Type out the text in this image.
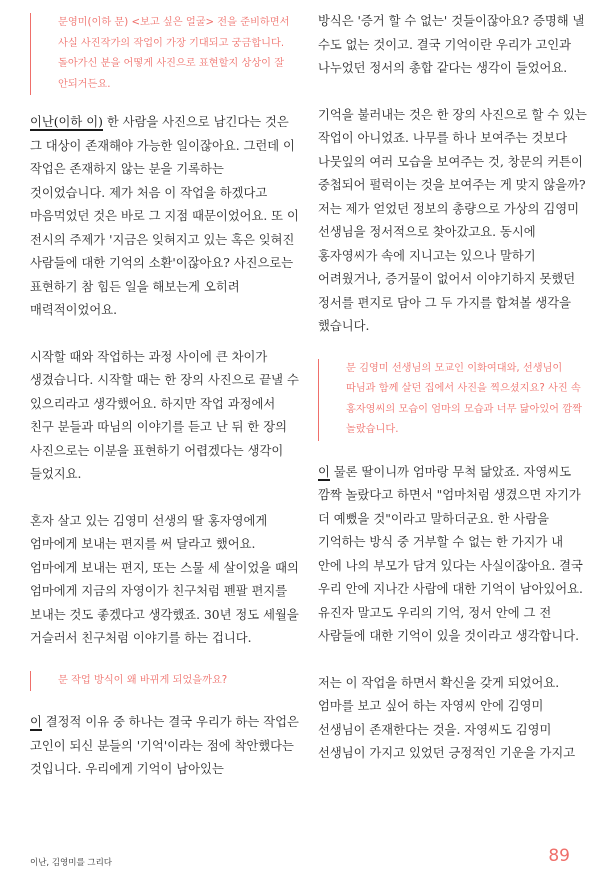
문영미(이하 문) <보고 싶은 얼굴> 전을 준비하면서 사실 사진작가의 작업이 가장 기대되고 궁금합니다. 돌아가신 분을 어떻게 사진으로 표현할지 상상이 잘 안되거든요.

이난(이하 이) 한 사람을 사진으로 남긴다는 것은 그 대상이 존재해야 가능한 일이잖아요. 그런데 이 작업은 존재하지 않는 분을 기록하는 것이었습니다. 제가 처음 이 작업을 하겠다고 마음먹었던 것은 바로 그 지점 때문이었어요. 또 이 전시의 주제가 '지금은 잊혀지고 있는 혹은 잊혀진 사람들에 대한 기억의 소환'이잖아요? 사진으로는 표현하기 참 힘든 일을 해보는게 오히려 매력적이었어요.

시작할 때와 작업하는 과정 사이에 큰 차이가 생겼습니다. 시작할 때는 한 장의 사진으로 끝낼 수 있으리라고 생각했어요. 하지만 작업 과정에서 친구 분들과 따님의 이야기를 듣고 난 뒤 한 장의 사진으로는 이분을 표현하기 어렵겠다는 생각이 들었지요.

혼자 살고 있는 김영미 선생의 딸 홍자영에게 엄마에게 보내는 편지를 써 달라고 했어요. 엄마에게 보내는 편지, 또는 스물 세 살이었을 때의 엄마에게 지금의 자영이가 친구처럼 펜팔 편지를 보내는 것도 좋겠다고 생각했죠. 30년 정도 세월을 거슬러서 친구처럼 이야기를 하는 겁니다.

문 작업 방식이 왜 바뀌게 되었을까요?

이 결정적 이유 중 하나는 결국 우리가 하는 작업은 고인이 되신 분들의 '기억'이라는 점에 착안했다는 것입니다. 우리에게 기억이 남아있는

방식은 '증거 할 수 없는' 것들이잖아요? 증명해 낼 수도 없는 것이고. 결국 기억이란 우리가 고인과 나누었던 정서의 총합 같다는 생각이 들었어요.

기억을 불러내는 것은 한 장의 사진으로 할 수 있는 작업이 아니었죠. 나무를 하나 보여주는 것보다 나뭇잎의 여러 모습을 보여주는 것, 창문의 커튼이 중첩되어 펄럭이는 것을 보여주는 게 맞지 않을까? 저는 제가 얻었던 정보의 총량으로 가상의 김영미 선생님을 정서적으로 찾아갔고요. 동시에 홍자영씨가 속에 지니고는 있으나 말하기 어려웠거나, 증거물이 없어서 이야기하지 못했던 정서를 편지로 담아 그 두 가지를 합쳐볼 생각을 했습니다.

문 김영미 선생님의 모교인 이화여대와, 선생님이 따님과 함께 살던 집에서 사진을 찍으셨지요? 사진 속 홍자영씨의 모습이 엄마의 모습과 너무 닮아있어 깜짝 놀랐습니다.

이 물론 딸이니까 엄마랑 무척 닮았죠. 자영씨도 깜짝 놀랐다고 하면서 "엄마처럼 생겼으면 자기가 더 예뻤을 것"이라고 말하더군요. 한 사람을 기억하는 방식 중 거부할 수 없는 한 가지가 내 안에 나의 부모가 담겨 있다는 사실이잖아요. 결국 우리 안에 지나간 사람에 대한 기억이 남아있어요. 유진자 말고도 우리의 기억, 정서 안에 그 전 사람들에 대한 기억이 있을 것이라고 생각합니다.

저는 이 작업을 하면서 확신을 갖게 되었어요. 엄마를 보고 싶어 하는 자영씨 안에 김영미 선생님이 존재한다는 것을. 자영씨도 김영미 선생님이 가지고 있었던 긍정적인 기운을 가지고

이난, 김영미를 그리다	89
